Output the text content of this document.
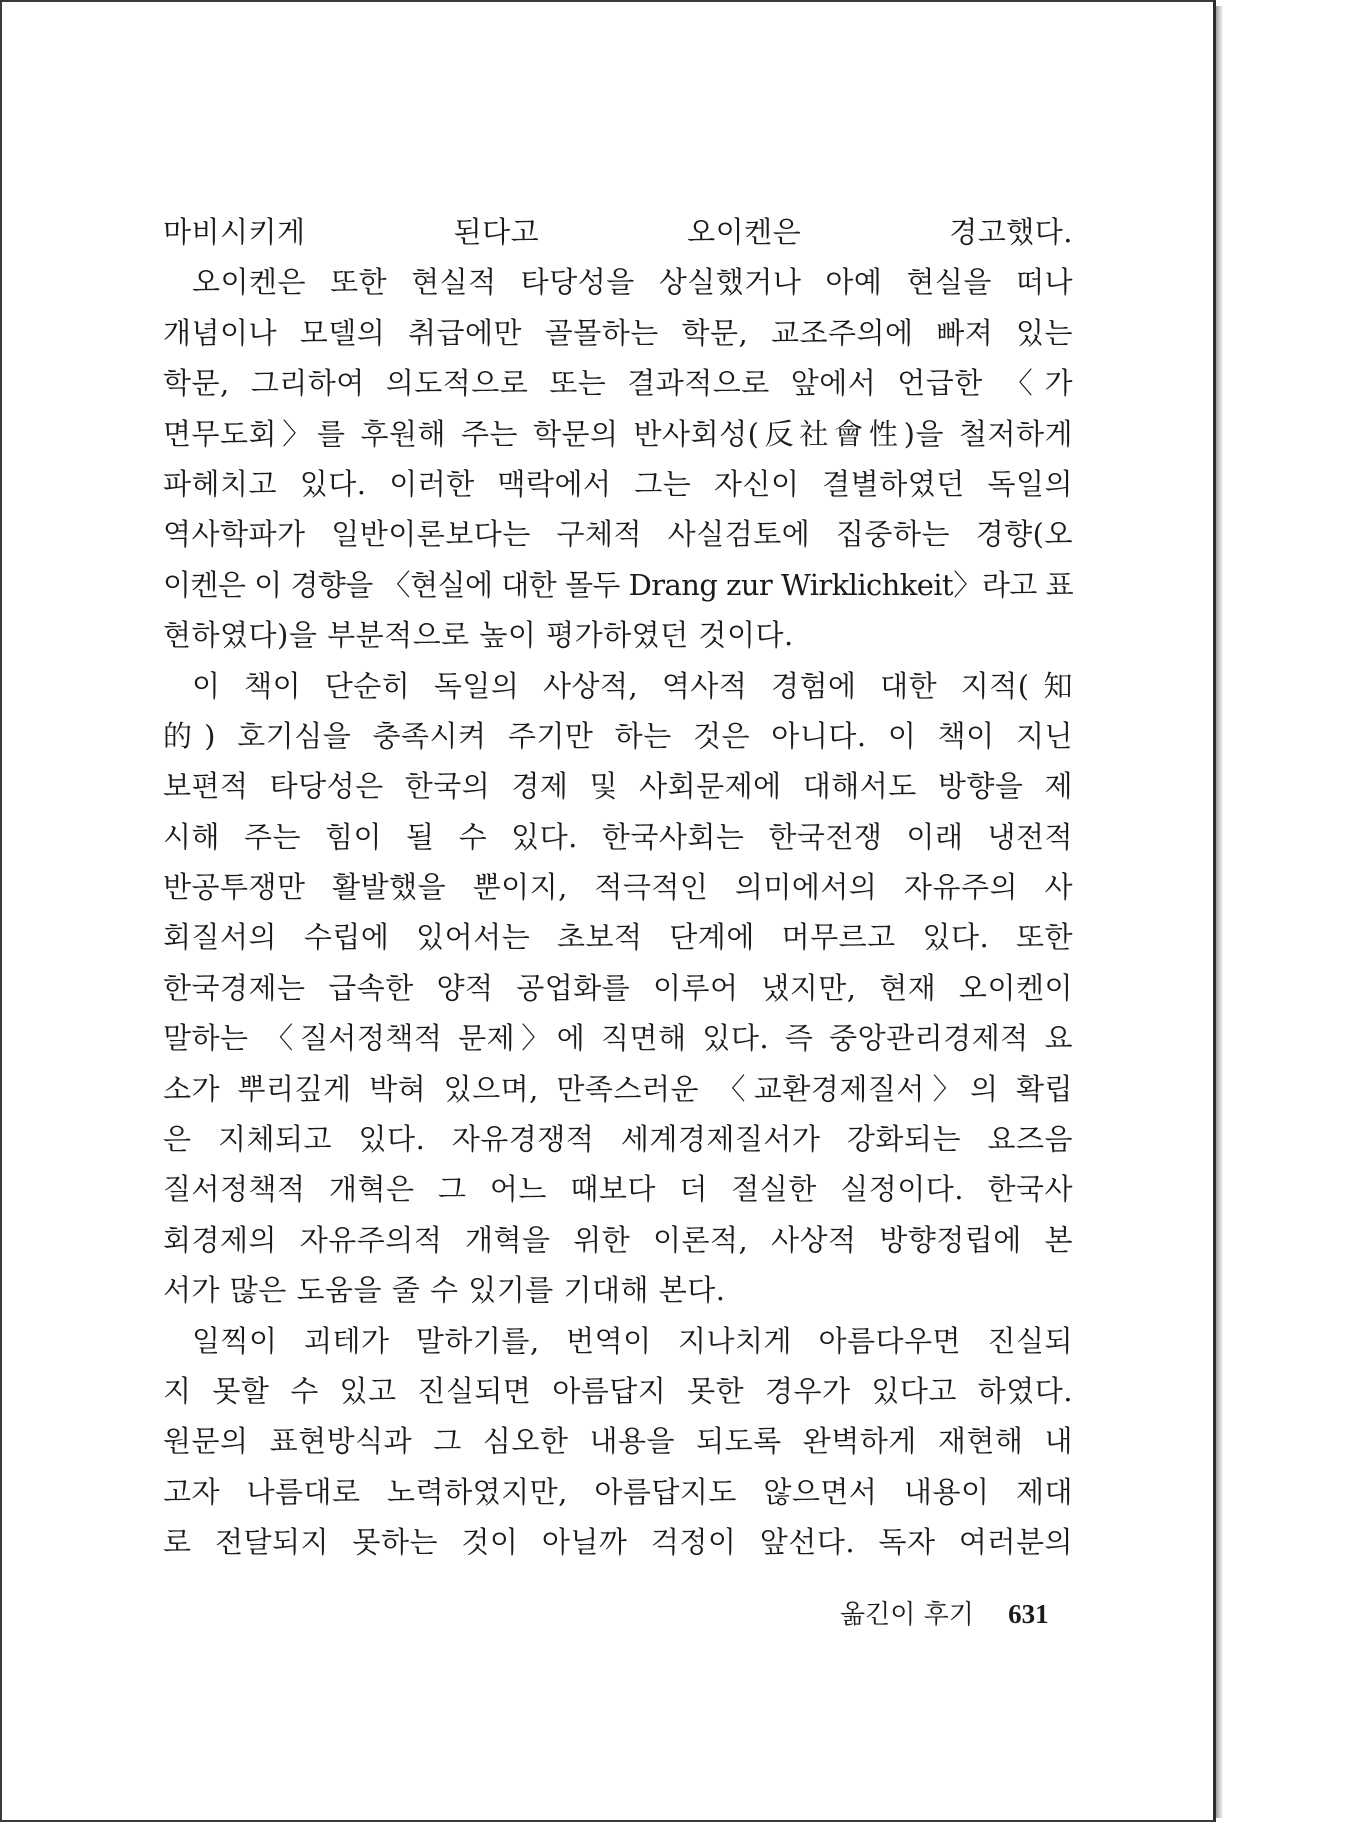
마비시키게 된다고 오이켄은 경고했다.
오이켄은 또한 현실적 타당성을 상실했거나 아예 현실을 떠나
개념이나 모델의 취급에만 골몰하는 학문, 교조주의에 빠져 있는
학문, 그리하여 의도적으로 또는 결과적으로 앞에서 언급한 〈가
면무도회〉를 후원해 주는 학문의 반사회성(反社會性)을 철저하게
파헤치고 있다. 이러한 맥락에서 그는 자신이 결별하였던 독일의
역사학파가 일반이론보다는 구체적 사실검토에 집중하는 경향(오
이켄은 이 경향을 〈현실에 대한 몰두 Drang zur Wirklichkeit〉라고 표
현하였다)을 부분적으로 높이 평가하였던 것이다.
이 책이 단순히 독일의 사상적, 역사적 경험에 대한 지적(知
的) 호기심을 충족시켜 주기만 하는 것은 아니다. 이 책이 지닌
보편적 타당성은 한국의 경제 및 사회문제에 대해서도 방향을 제
시해 주는 힘이 될 수 있다. 한국사회는 한국전쟁 이래 냉전적
반공투쟁만 활발했을 뿐이지, 적극적인 의미에서의 자유주의 사
회질서의 수립에 있어서는 초보적 단계에 머무르고 있다. 또한
한국경제는 급속한 양적 공업화를 이루어 냈지만, 현재 오이켄이
말하는 〈질서정책적 문제〉에 직면해 있다. 즉 중앙관리경제적 요
소가 뿌리깊게 박혀 있으며, 만족스러운 〈교환경제질서〉의 확립
은 지체되고 있다. 자유경쟁적 세계경제질서가 강화되는 요즈음
질서정책적 개혁은 그 어느 때보다 더 절실한 실정이다. 한국사
회경제의 자유주의적 개혁을 위한 이론적, 사상적 방향정립에 본
서가 많은 도움을 줄 수 있기를 기대해 본다.
일찍이 괴테가 말하기를, 번역이 지나치게 아름다우면 진실되
지 못할 수 있고 진실되면 아름답지 못한 경우가 있다고 하였다.
원문의 표현방식과 그 심오한 내용을 되도록 완벽하게 재현해 내
고자 나름대로 노력하였지만, 아름답지도 않으면서 내용이 제대
로 전달되지 못하는 것이 아닐까 걱정이 앞선다. 독자 여러분의
옮긴이 후기 631
